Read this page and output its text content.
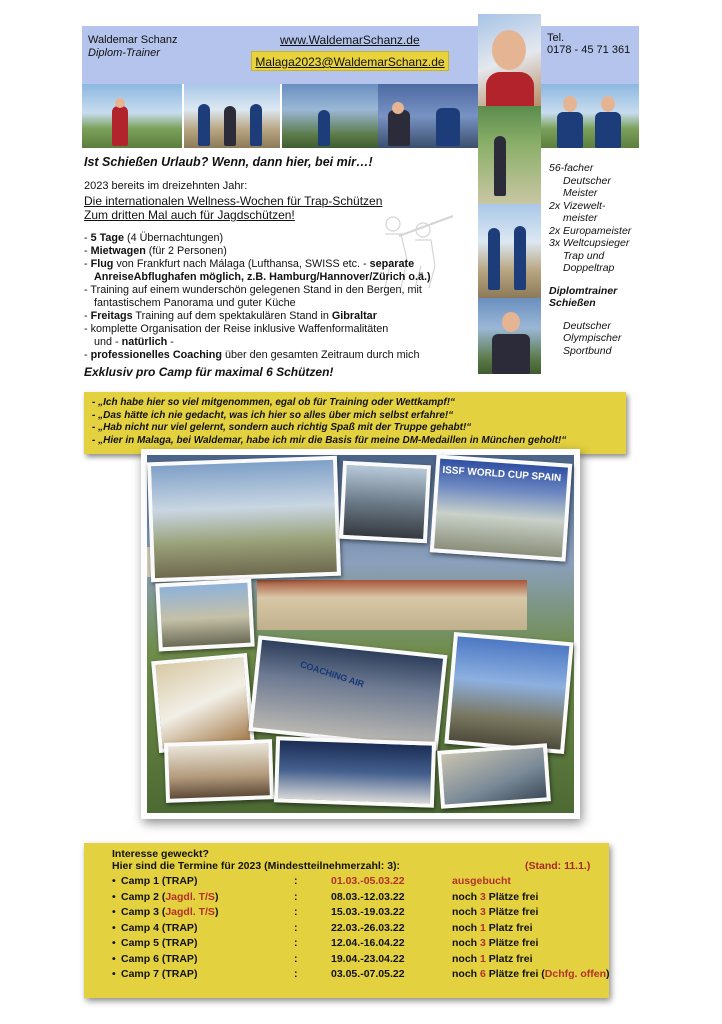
Waldemar Schanz
Diplom-Trainer
www.WaldemarSchanz.de
Malaga2023@WaldemarSchanz.de
Tel.
0178 - 45 71 361
Ist Schießen Urlaub? Wenn, dann hier, bei mir…!
2023 bereits im dreizehnten Jahr:
Die internationalen Wellness-Wochen für Trap-Schützen
Zum dritten Mal auch für Jagdschützen!
- 5 Tage (4 Übernachtungen)
- Mietwagen (für 2 Personen)
- Flug von Frankfurt nach Málaga (Lufthansa, SWISS etc. - separate
AnreiseAbflughafen möglich, z.B. Hamburg/Hannover/Zürich o.ä.)
- Training auf einem wunderschön gelegenen Stand in den Bergen, mit
fantastischem Panorama und guter Küche
- Freitags Training auf dem spektakulären Stand in Gibraltar
- komplette Organisation der Reise inklusive Waffenformalitäten
und - natürlich -
- professionelles Coaching über den gesamten Zeitraum durch mich
Exklusiv pro Camp für maximal 6 Schützen!
56-facher
Deutscher
Meister
2x Vizewelt-
meister
2x Europameister
3x Weltcupsieger
Trap und
Doppeltrap
Diplomtrainer
Schießen
Deutscher
Olympischer
Sportbund
- „Ich habe hier so viel mitgenommen, egal ob für Training oder Wettkampf!“
- „Das hätte ich nie gedacht, was ich hier so alles über mich selbst erfahre!“
- „Hab nicht nur viel gelernt, sondern auch richtig Spaß mit der Truppe gehabt!“
- „Hier in Malaga, bei Waldemar, habe ich mir die Basis für meine DM-Medaillen in München geholt!“
ISSF WORLD CUP SPAIN
COACHING AIR
Interesse geweckt?
Hier sind die Termine für 2023 (Mindestteilnehmerzahl: 3):	(Stand: 11.1.)
• Camp 1 (TRAP)	:	01.03.-05.03.22	ausgebucht
• Camp 2 (Jagdl. T/S)	:	08.03.-12.03.22	noch 3 Plätze frei
• Camp 3 (Jagdl. T/S)	:	15.03.-19.03.22	noch 3 Plätze frei
• Camp 4 (TRAP)	:	22.03.-26.03.22	noch 1 Platz frei
• Camp 5 (TRAP)	:	12.04.-16.04.22	noch 3 Plätze frei
• Camp 6 (TRAP)	:	19.04.-23.04.22	noch 1 Platz frei
• Camp 7 (TRAP)	:	03.05.-07.05.22	noch 6 Plätze frei (Dchfg. offen)
